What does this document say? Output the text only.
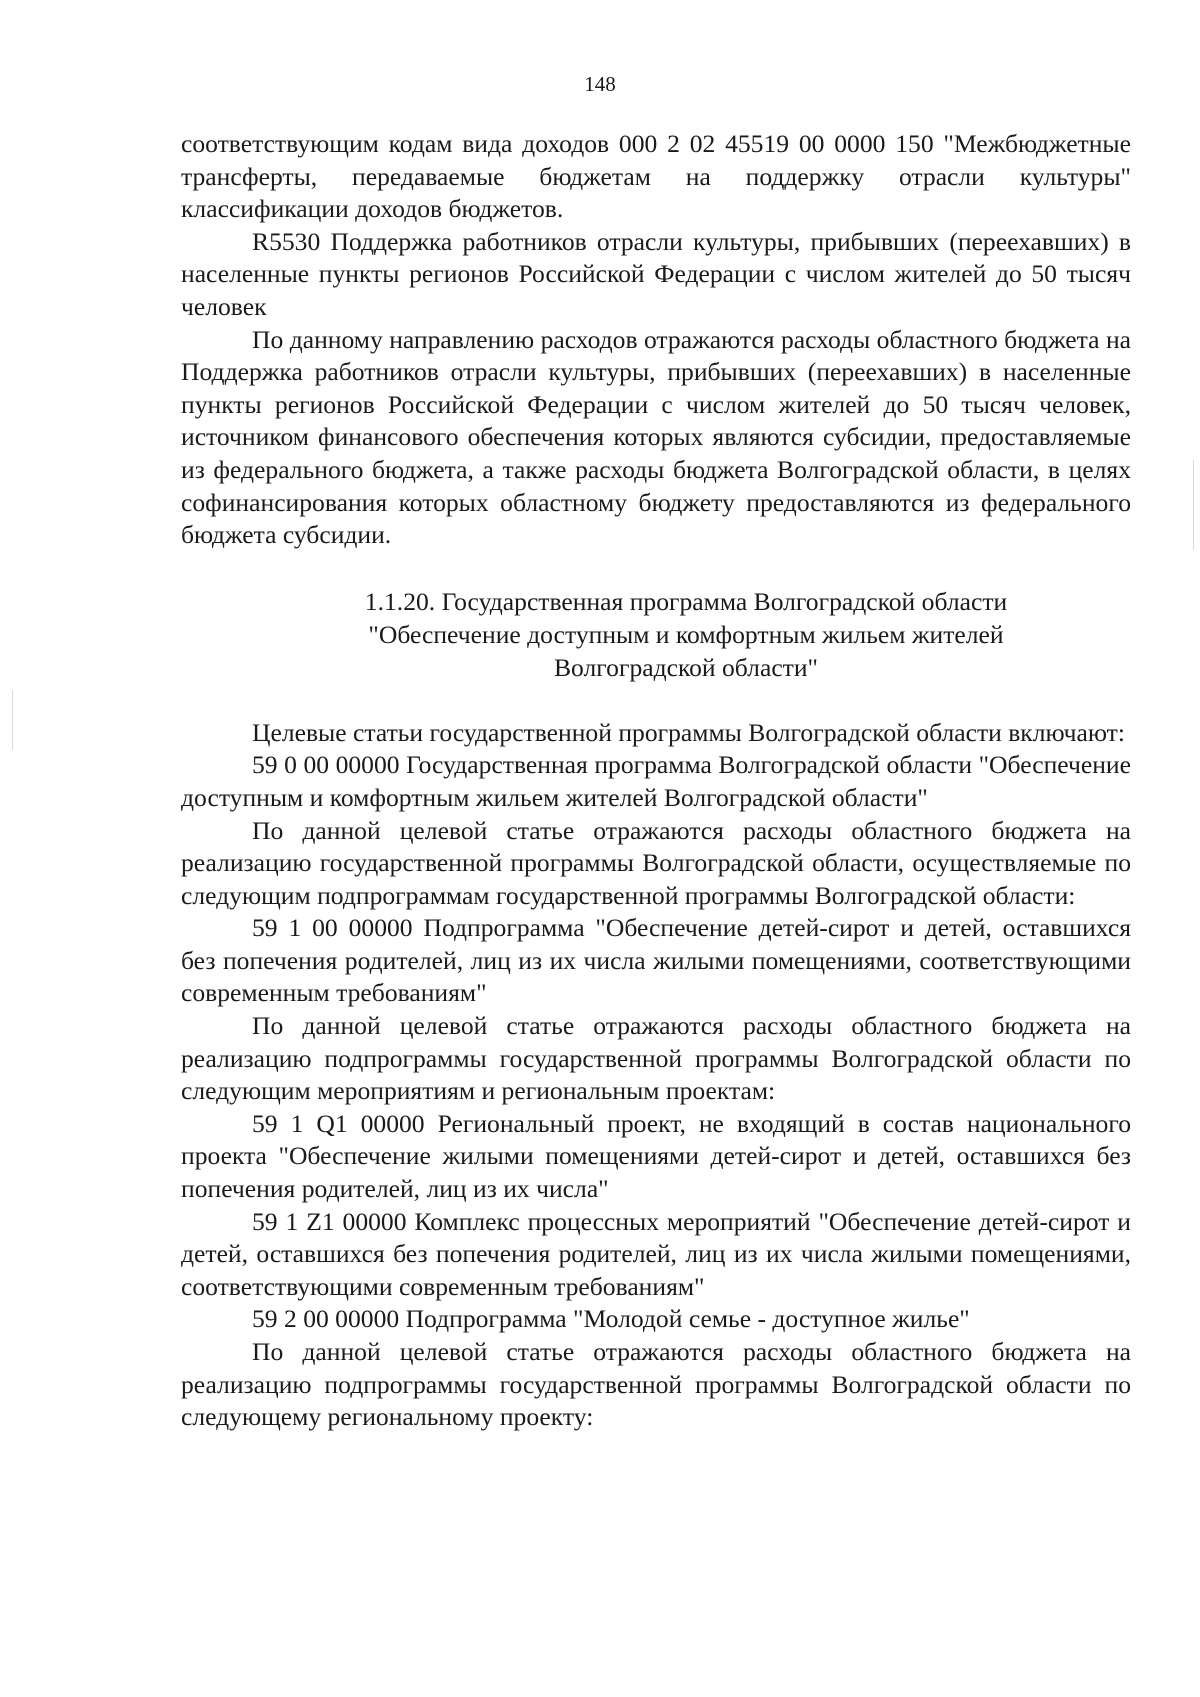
148

соответствующим кодам вида доходов 000 2 02 45519 00 0000 150 "Межбюджетные трансферты, передаваемые бюджетам на поддержку отрасли культуры" классификации доходов бюджетов.

R5530 Поддержка работников отрасли культуры, прибывших (переехавших) в населенные пункты регионов Российской Федерации с числом жителей до 50 тысяч человек

По данному направлению расходов отражаются расходы областного бюджета на Поддержка работников отрасли культуры, прибывших (переехавших) в населенные пункты регионов Российской Федерации с числом жителей до 50 тысяч человек, источником финансового обеспечения которых являются субсидии, предоставляемые из федерального бюджета, а также расходы бюджета Волгоградской области, в целях софинансирования которых областному бюджету предоставляются из федерального бюджета субсидии.

1.1.20. Государственная программа Волгоградской области
"Обеспечение доступным и комфортным жильем жителей
Волгоградской области"

Целевые статьи государственной программы Волгоградской области включают:

59 0 00 00000 Государственная программа Волгоградской области "Обеспечение доступным и комфортным жильем жителей Волгоградской области"

По данной целевой статье отражаются расходы областного бюджета на реализацию государственной программы Волгоградской области, осуществляемые по следующим подпрограммам государственной программы Волгоградской области:

59 1 00 00000 Подпрограмма "Обеспечение детей-сирот и детей, оставшихся без попечения родителей, лиц из их числа жилыми помещениями, соответствующими современным требованиям"

По данной целевой статье отражаются расходы областного бюджета на реализацию подпрограммы государственной программы Волгоградской области по следующим мероприятиям и региональным проектам:

59 1 Q1 00000 Региональный проект, не входящий в состав национального проекта "Обеспечение жилыми помещениями детей-сирот и детей, оставшихся без попечения родителей, лиц из их числа"

59 1 Z1 00000 Комплекс процессных мероприятий "Обеспечение детей-сирот и детей, оставшихся без попечения родителей, лиц из их числа жилыми помещениями, соответствующими современным требованиям"

59 2 00 00000 Подпрограмма "Молодой семье - доступное жилье"

По данной целевой статье отражаются расходы областного бюджета на реализацию подпрограммы государственной программы Волгоградской области по следующему региональному проекту:
